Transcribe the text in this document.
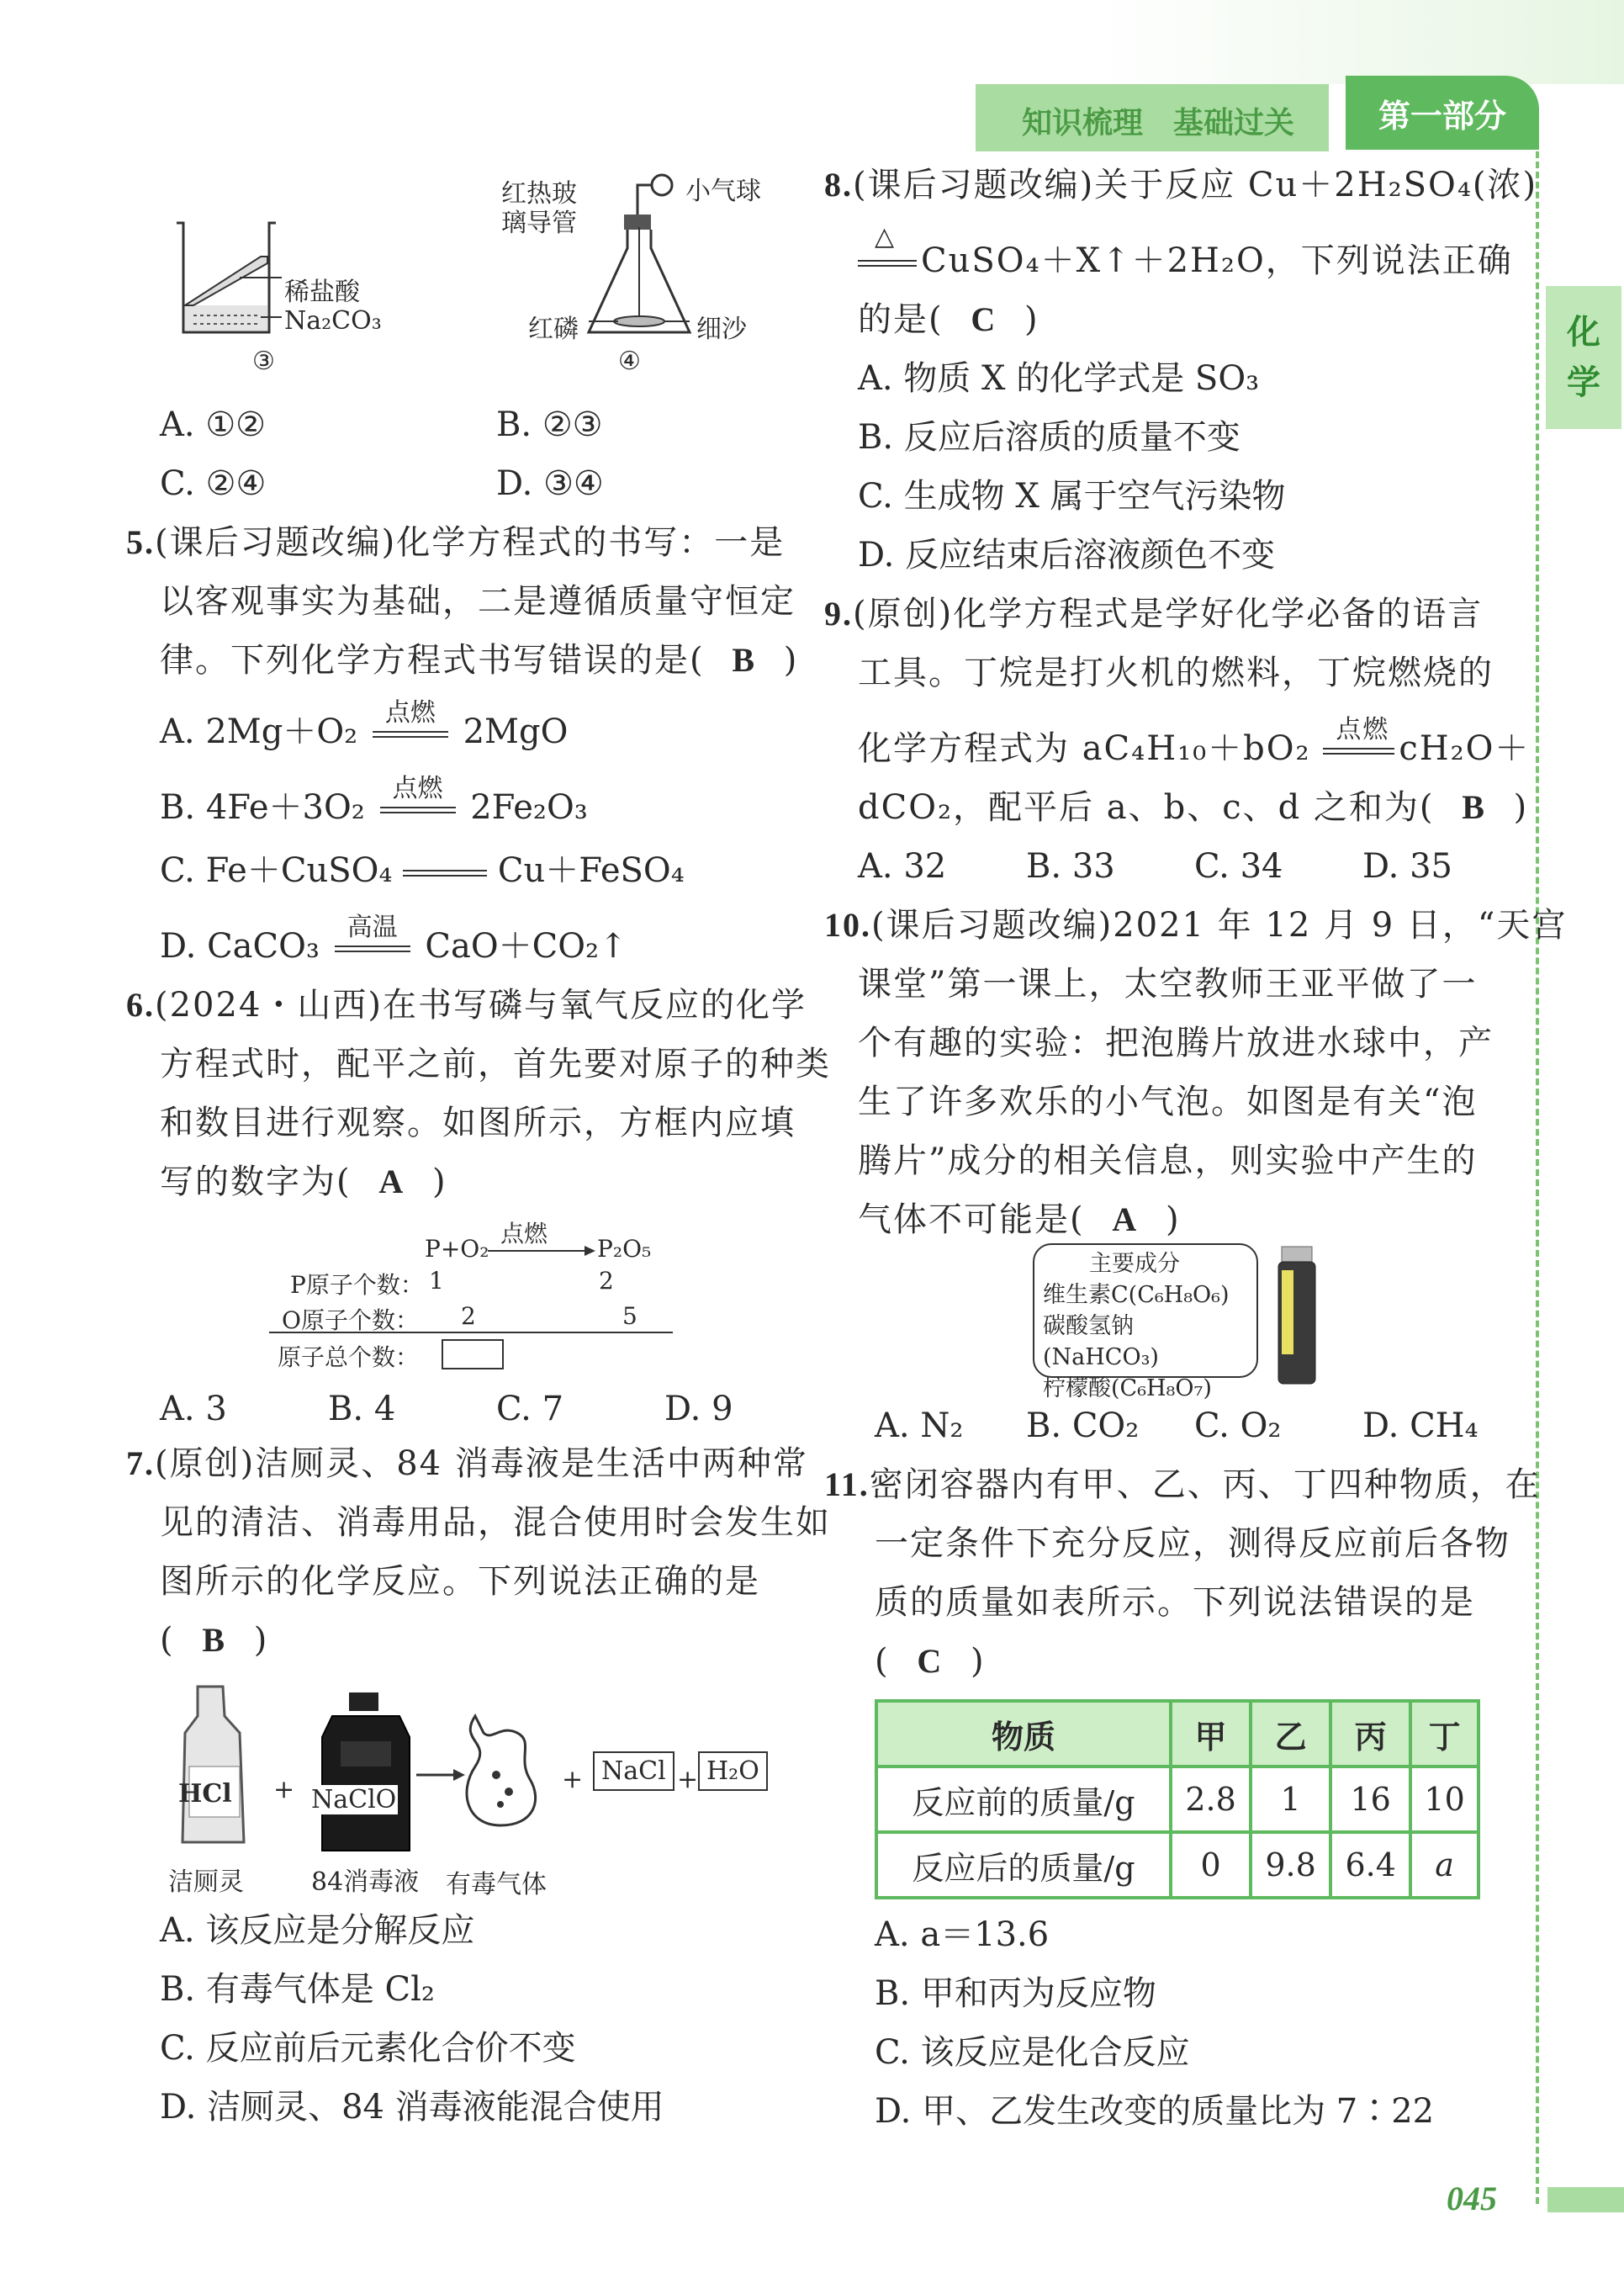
知识梳理　基础过关	第一部分
化
学
045
稀盐酸
Na₂CO₃
③
红热玻
璃导管
小气球
红磷	细沙
④
A. ①②	B. ②③
C. ②④	D. ③④
5.(课后习题改编)化学方程式的书写：一是
以客观事实为基础，二是遵循质量守恒定
律。下列化学方程式书写错误的是( B )
A. 2Mg＋O₂ 点燃 2MgO
B. 4Fe＋3O₂ 点燃 2Fe₂O₃
C. Fe＋CuSO₄	Cu＋FeSO₄
D. CaCO₃ 高温 CaO＋CO₂↑
6.(2024・山西)在书写磷与氧气反应的化学
方程式时，配平之前，首先要对原子的种类
和数目进行观察。如图所示，方框内应填
写的数字为( A )
P+O₂
点燃
P₂O₅
P原子个数： 1	2
O原子个数： 2	5
原子总个数：
A. 3	B. 4	C. 7	D. 9
7.(原创)洁厕灵、84 消毒液是生活中两种常
见的清洁、消毒用品，混合使用时会发生如
图所示的化学反应。下列说法正确的是
( B )
HCl
洁厕灵
+ NaClO
84消毒液 有毒气体
+ NaCl + H₂O
A. 该反应是分解反应
B. 有毒气体是 Cl₂
C. 反应前后元素化合价不变
D. 洁厕灵、84 消毒液能混合使用
8.(课后习题改编)关于反应 Cu＋2H₂SO₄(浓)
△
CuSO₄＋X↑＋2H₂O，下列说法正确
的是( C )
A. 物质 X 的化学式是 SO₃
B. 反应后溶质的质量不变
C. 生成物 X 属于空气污染物
D. 反应结束后溶液颜色不变
9.(原创)化学方程式是学好化学必备的语言
工具。丁烷是打火机的燃料，丁烷燃烧的
化学方程式为 aC₄H₁₀＋bO₂ 点燃 cH₂O＋
dCO₂，配平后 a、b、c、d 之和为( B )
A. 32 B. 33 C. 34 D. 35
10.(课后习题改编)2021 年 12 月 9 日，“天宫
课堂”第一课上，太空教师王亚平做了一
个有趣的实验：把泡腾片放进水球中，产
生了许多欢乐的小气泡。如图是有关“泡
腾片”成分的相关信息，则实验中产生的
气体不可能是( A )
主要成分
维生素C(C₆H₈O₆)
碳酸氢钠(NaHCO₃)
柠檬酸(C₆H₈O₇)
A. N₂ B. CO₂ C. O₂ D. CH₄
11.密闭容器内有甲、乙、丙、丁四种物质，在
一定条件下充分反应，测得反应前后各物
质的质量如表所示。下列说法错误的是
( C )
物质	甲	乙	丙	丁
反应前的质量/g	2.8	1	16	10
反应后的质量/g	0	9.8	6.4	a
A. a＝13.6
B. 甲和丙为反应物
C. 该反应是化合反应
D. 甲、乙发生改变的质量比为 7∶22
